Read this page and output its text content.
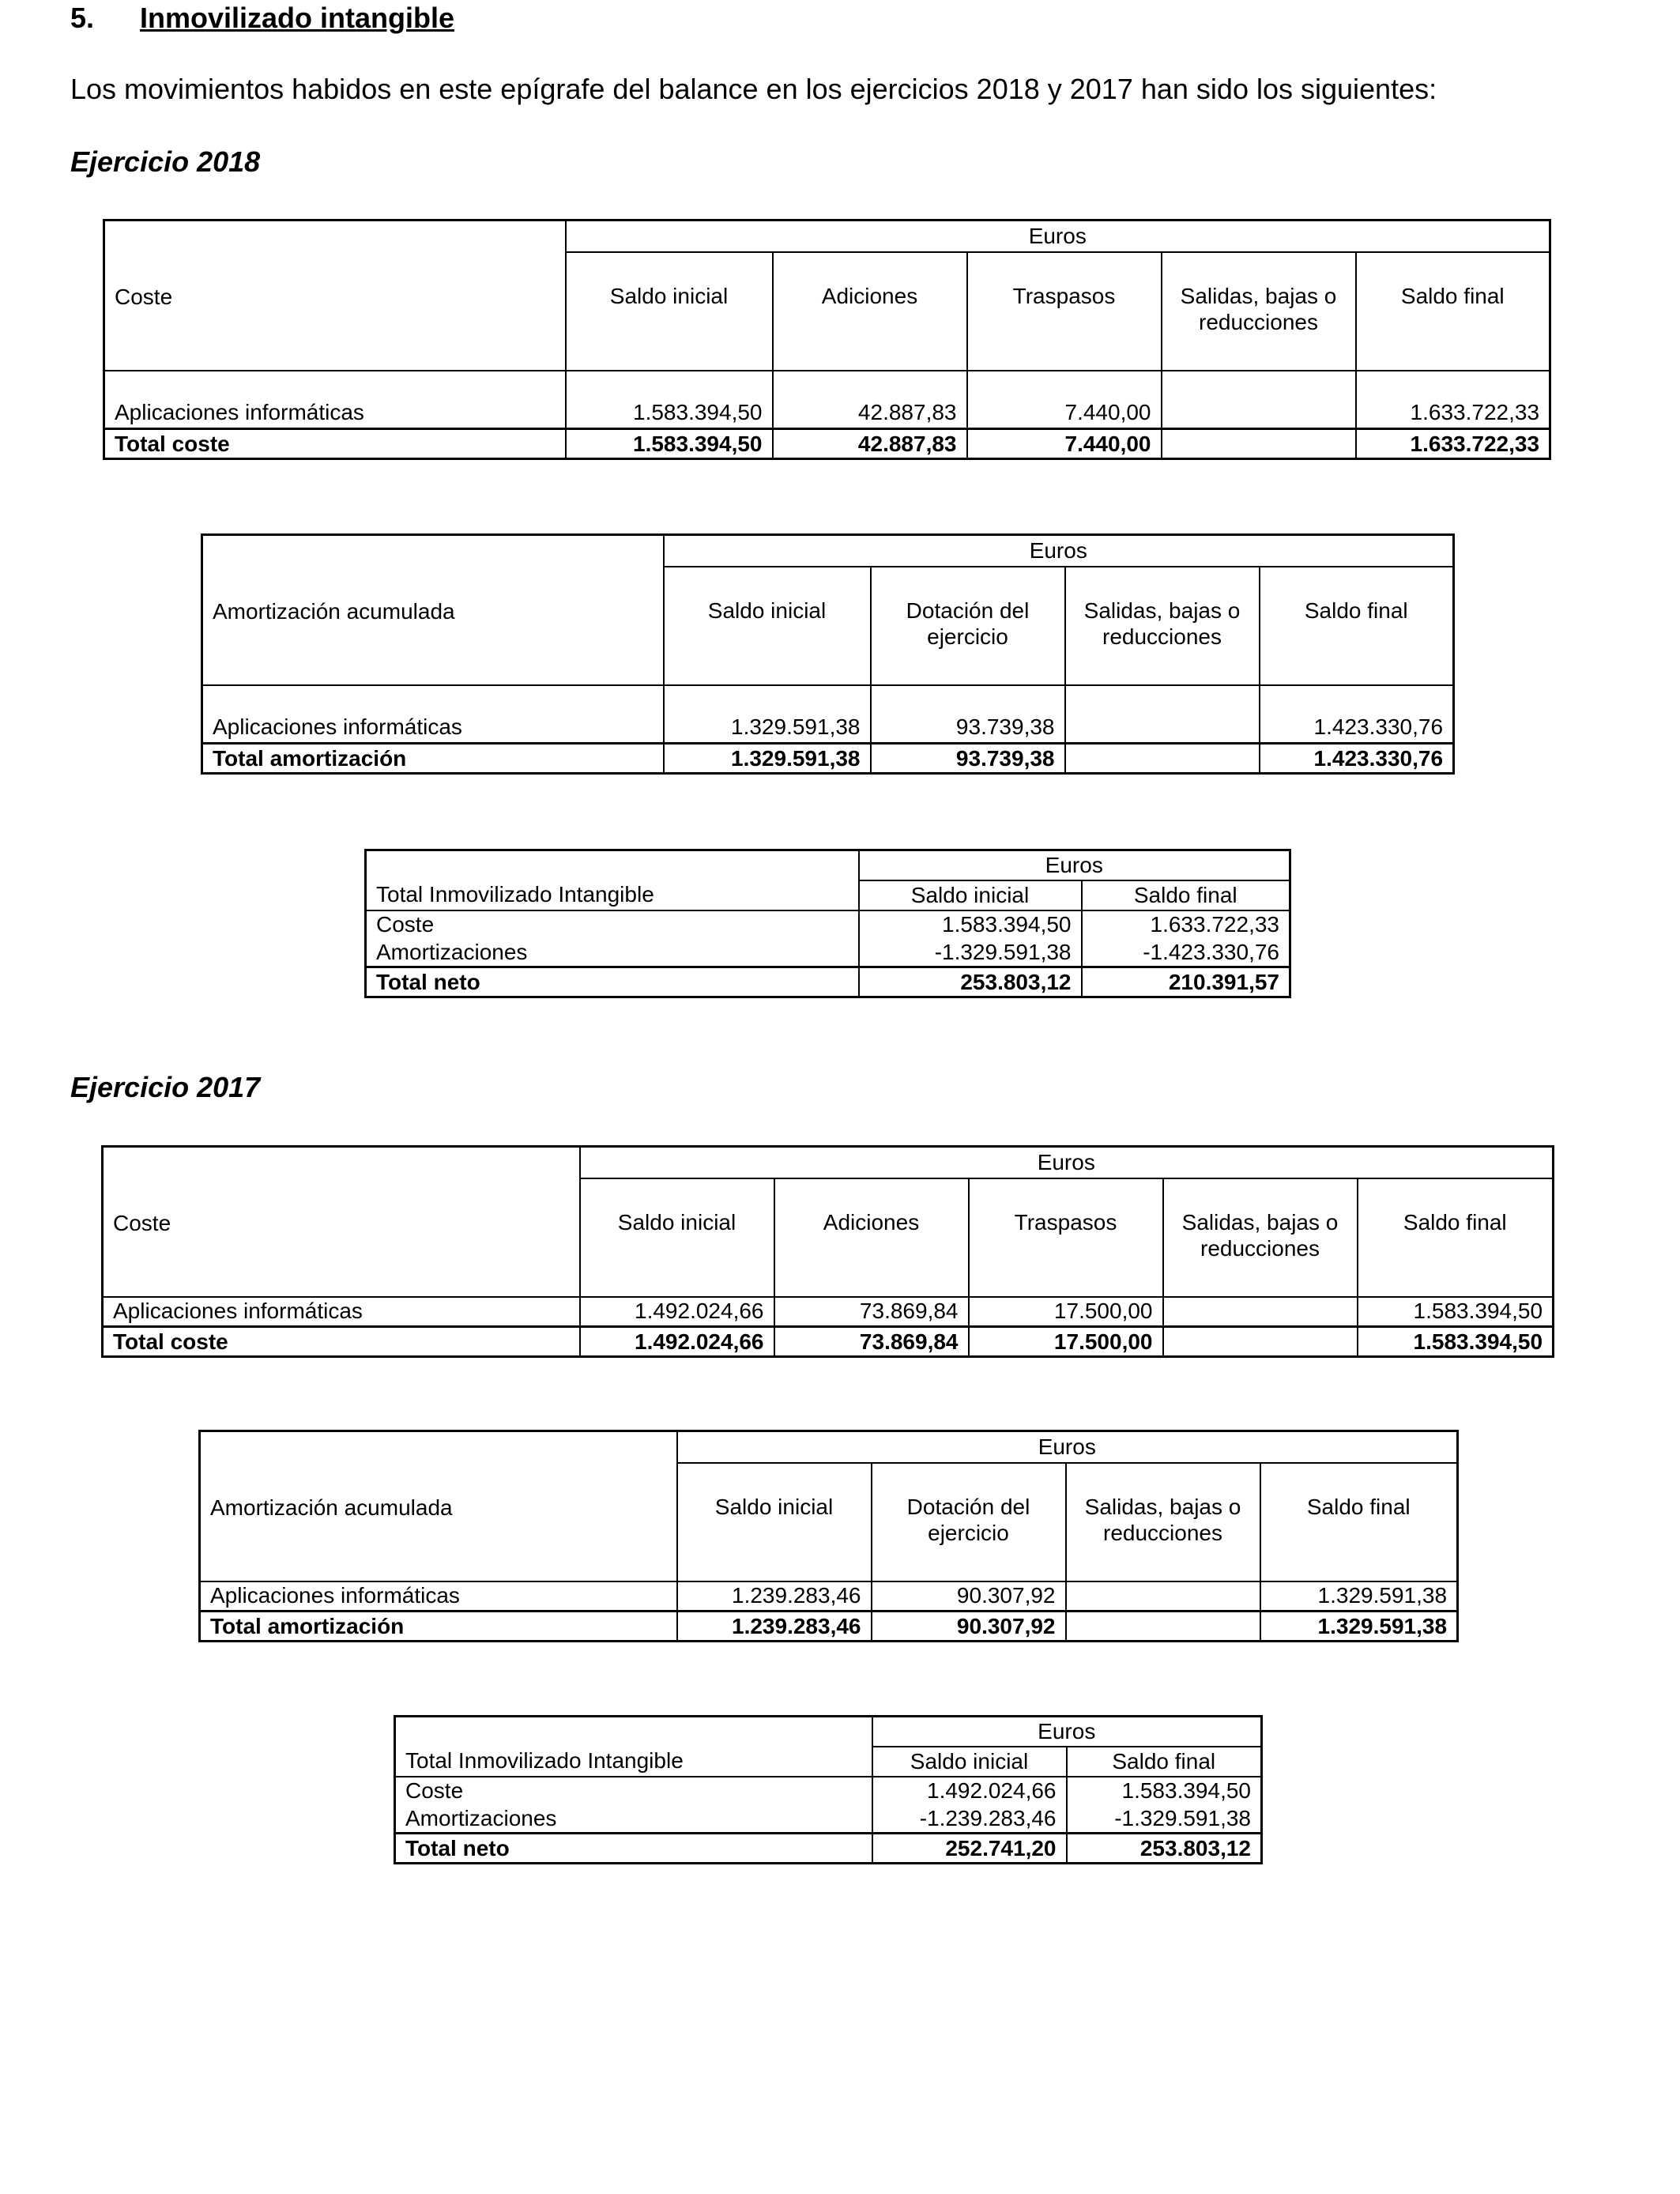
5. Inmovilizado intangible
Los movimientos habidos en este epígrafe del balance en los ejercicios 2018 y 2017 han sido los siguientes:
Ejercicio 2018
Coste	Euros				
	Saldo inicial	Adiciones	Traspasos	Salidas, bajas o reducciones	Saldo final
Aplicaciones informáticas	1.583.394,50	42.887,83	7.440,00		1.633.722,33
Total coste	1.583.394,50	42.887,83	7.440,00		1.633.722,33
Amortización acumulada	Euros			
	Saldo inicial	Dotación del ejercicio	Salidas, bajas o reducciones	Saldo final
Aplicaciones informáticas	1.329.591,38	93.739,38		1.423.330,76
Total amortización	1.329.591,38	93.739,38		1.423.330,76
Total Inmovilizado Intangible	Euros	
	Saldo inicial	Saldo final
Coste	1.583.394,50	1.633.722,33
Amortizaciones	-1.329.591,38	-1.423.330,76
Total neto	253.803,12	210.391,57
Ejercicio 2017
Coste	Euros				
	Saldo inicial	Adiciones	Traspasos	Salidas, bajas o reducciones	Saldo final
Aplicaciones informáticas	1.492.024,66	73.869,84	17.500,00		1.583.394,50
Total coste	1.492.024,66	73.869,84	17.500,00		1.583.394,50
Amortización acumulada	Euros			
	Saldo inicial	Dotación del ejercicio	Salidas, bajas o reducciones	Saldo final
Aplicaciones informáticas	1.239.283,46	90.307,92		1.329.591,38
Total amortización	1.239.283,46	90.307,92		1.329.591,38
Total Inmovilizado Intangible	Euros	
	Saldo inicial	Saldo final
Coste	1.492.024,66	1.583.394,50
Amortizaciones	-1.239.283,46	-1.329.591,38
Total neto	252.741,20	253.803,12
